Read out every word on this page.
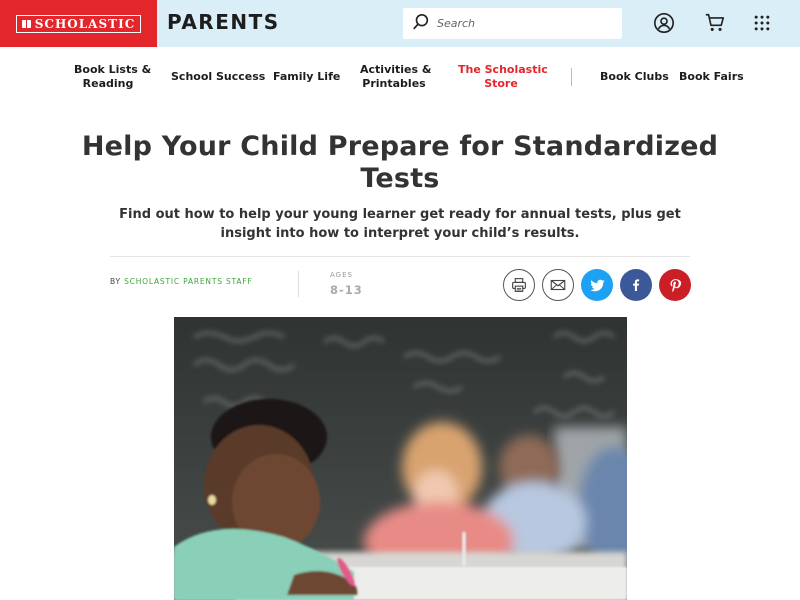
SCHOLASTIC PARENTS
Search
Book Lists &
Reading
School Success Family Life
Activities &
Printables
The Scholastic
Store
Book Clubs Book Fairs
Help Your Child Prepare for Standardized Tests

Find out how to help your young learner get ready for annual tests, plus get insight into how to interpret your child’s results.

BY SCHOLASTIC PARENTS STAFF
AGES
8-13
